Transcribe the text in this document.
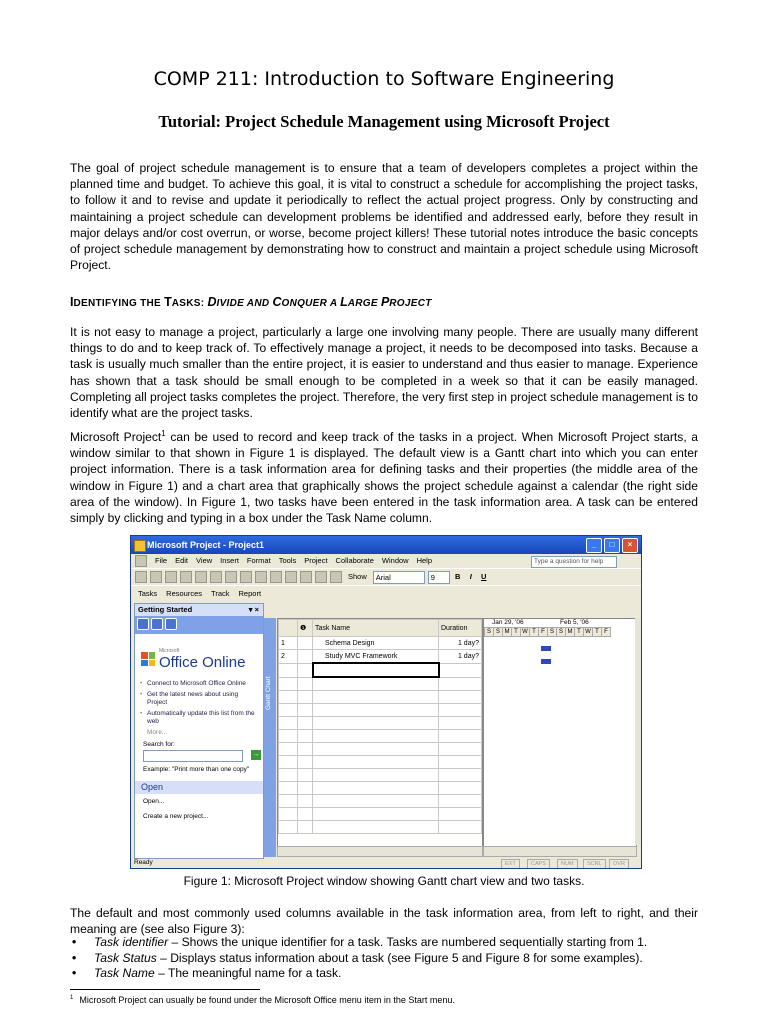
COMP 211: Introduction to Software Engineering
Tutorial: Project Schedule Management using Microsoft Project
The goal of project schedule management is to ensure that a team of developers completes a project within the planned time and budget. To achieve this goal, it is vital to construct a schedule for accomplishing the project tasks, to follow it and to revise and update it periodically to reflect the actual project progress. Only by constructing and maintaining a project schedule can development problems be identified and addressed early, before they result in major delays and/or cost overrun, or worse, become project killers! These tutorial notes introduce the basic concepts of project schedule management by demonstrating how to construct and maintain a project schedule using Microsoft Project.
IDENTIFYING THE TASKS: DIVIDE AND CONQUER A LARGE PROJECT
It is not easy to manage a project, particularly a large one involving many people. There are usually many different things to do and to keep track of. To effectively manage a project, it needs to be decomposed into tasks. Because a task is usually much smaller than the entire project, it is easier to understand and thus easier to manage. Experience has shown that a task should be small enough to be completed in a week so that it can be easily managed. Completing all project tasks completes the project. Therefore, the very first step in project schedule management is to identify what are the project tasks.
Microsoft Project$^1$ can be used to record and keep track of the tasks in a project. When Microsoft Project starts, a window similar to that shown in Figure 1 is displayed. The default view is a Gantt chart into which you can enter project information. There is a task information area for defining tasks and their properties (the middle area of the window in Figure 1) and a chart area that graphically shows the project schedule against a calendar (the right side area of the window). In Figure 1, two tasks have been entered in the task information area. A task can be entered simply by clicking and typing in a box under the Task Name column.
Microsoft Project - Project1	_	□	×
File Edit View Insert Format Tools Project Collaborate Window Help	Type a question for help
Show	Arial	9	B	I	U
Tasks	Resources	Track	Report
Getting Started	▾ ×
Microsoft
Office Online
• Connect to Microsoft Office Online
• Get the latest news about using Project
• Automatically update this list from the web
More...
Search for:
→
Example: "Print more than one copy"
Open
Open...
Create a new project...
Gantt Chart
	❶	Task Name	Duration
1		Schema Design	1 day?
2		Study MVC Framework	1 day?

Jan 29, '06	Feb 5, '06
S S M T W T F S S M T W T F
Ready	EXT	CAPS	NUM	SCRL	OVR
Figure 1: Microsoft Project window showing Gantt chart view and two tasks.
The default and most commonly used columns available in the task information area, from left to right, and their meaning are (see also Figure 3):
• Task identifier – Shows the unique identifier for a task. Tasks are numbered sequentially starting from 1.
• Task Status – Displays status information about a task (see Figure 5 and Figure 8 for some examples).
• Task Name – The meaningful name for a task.
$^1$ Microsoft Project can usually be found under the Microsoft Office menu item in the Start menu.
